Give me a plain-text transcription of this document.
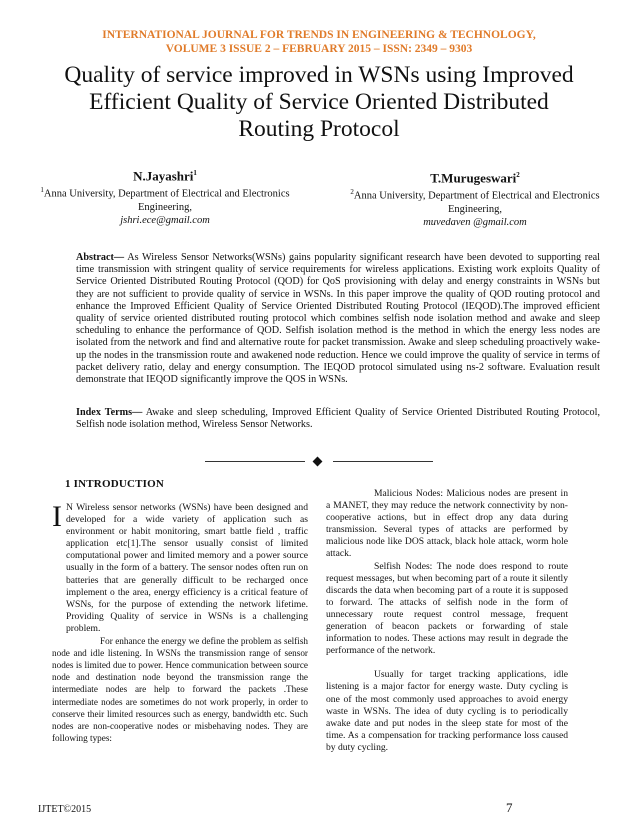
INTERNATIONAL JOURNAL FOR TRENDS IN ENGINEERING & TECHNOLOGY,
VOLUME 3 ISSUE 2 – FEBRUARY 2015 – ISSN: 2349 – 9303
Quality of service improved in WSNs using Improved
Efficient Quality of Service Oriented Distributed
Routing Protocol
N.Jayashri$^1$
$^1$Anna University, Department of Electrical and Electronics
Engineering,
jshri.ece@gmail.com
T.Murugeswari$^2$
$^2$Anna University, Department of Electrical and Electronics
Engineering,
muvedaven @gmail.com
Abstract— As Wireless Sensor Networks(WSNs) gains popularity significant research have been devoted to supporting real time transmission with stringent quality of service requirements for wireless applications. Existing work exploits Quality of Service Oriented Distributed Routing Protocol (QOD) for QoS provisioning with delay and energy constraints in WSNs but they are not sufficient to provide quality of service in WSNs. In this paper improve the quality of QOD routing protocol and enhance the Improved Efficient Quality of Service Oriented Distributed Routing Protocol (IEQOD).The improved efficient quality of service oriented distributed routing protocol which combines selfish node isolation method and awake and sleep scheduling to enhance the performance of QOD. Selfish isolation method is the method in which the energy less nodes are isolated from the network and find and alternative route for packet transmission. Awake and sleep scheduling proactively wake-up the nodes in the transmission route and awakened node reduction. Hence we could improve the quality of service in terms of packet delivery ratio, delay and energy consumption. The IEQOD protocol simulated using ns-2 software. Evaluation result demonstrate that IEQOD significantly improve the QOS in WSNs.
Index Terms— Awake and sleep scheduling, Improved Efficient Quality of Service Oriented Distributed Routing Protocol, Selfish node isolation method, Wireless Sensor Networks.
1 INTRODUCTION
I N Wireless sensor networks (WSNs) have been designed and developed for a wide variety of application such as environment or habit monitoring, smart battle field , traffic application etc[1].The sensor usually consist of limited computational power and limited memory and a power source usually in the form of a battery. The sensor nodes often run on batteries that are generally difficult to be recharged once implement o the area, energy efficiency is a critical feature of WSNs, for the purpose of extending the network lifetime. Providing Quality of service in WSNs is a challenging problem.

For enhance the energy we define the problem as selfish node and idle listening. In WSNs the transmission range of sensor nodes is limited due to power. Hence communication between source node and destination node beyond the transmission range the intermediate nodes are help to forward the packets .These intermediate nodes are sometimes do not work properly, in order to conserve their limited resources such as energy, bandwidth etc. Such nodes are non-cooperative nodes or misbehaving nodes. They are following types:

Malicious Nodes: Malicious nodes are present in a MANET, they may reduce the network connectivity by non-cooperative actions, but in effect drop any data during transmission. Several types of attacks are performed by malicious node like DOS attack, black hole attack, worm hole attack.

Selfish Nodes: The node does respond to route request messages, but when becoming part of a route it silently discards the data when becoming part of a route it is supposed to forward. The attacks of selfish node in the form of unnecessary route request control message, frequent generation of beacon packets or forwarding of stale information to nodes. These actions may result in degrade the performance of the network.

Usually for target tracking applications, idle listening is a major factor for energy waste. Duty cycling is one of the most commonly used approaches to avoid energy waste in WSNs. The idea of duty cycling is to periodically awake date and put nodes in the sleep state for most of the time. As a compensation for tracking performance loss caused by duty cycling.

IJTET©2015	7
